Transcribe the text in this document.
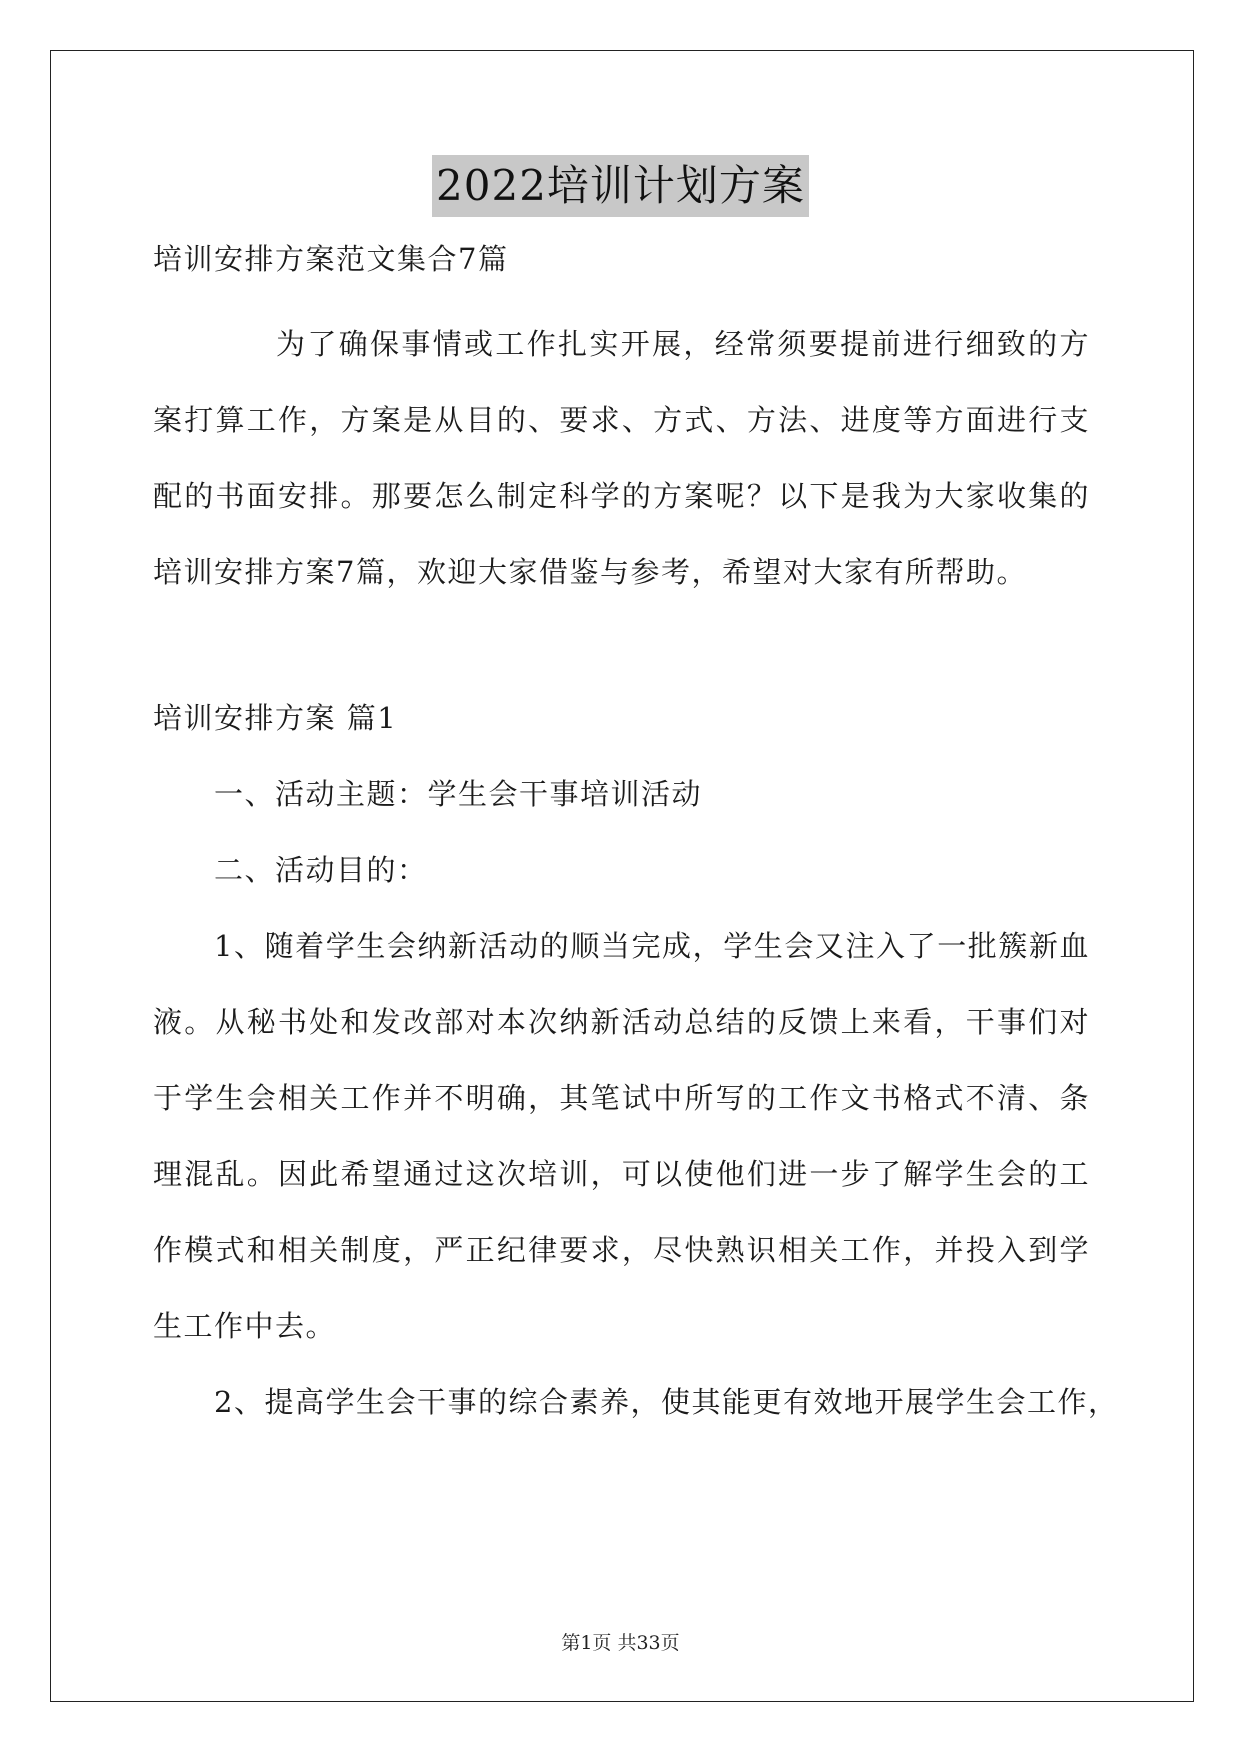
2022培训计划方案
培训安排方案范文集合7篇
为了确保事情或工作扎实开展，经常须要提前进行细致的方
案打算工作，方案是从目的、要求、方式、方法、进度等方面进行支
配的书面安排。那要怎么制定科学的方案呢？以下是我为大家收集的
培训安排方案7篇，欢迎大家借鉴与参考，希望对大家有所帮助。
培训安排方案 篇1
一、活动主题：学生会干事培训活动
二、活动目的：
1、随着学生会纳新活动的顺当完成，学生会又注入了一批簇新血
液。从秘书处和发改部对本次纳新活动总结的反馈上来看，干事们对
于学生会相关工作并不明确，其笔试中所写的工作文书格式不清、条
理混乱。因此希望通过这次培训，可以使他们进一步了解学生会的工
作模式和相关制度，严正纪律要求，尽快熟识相关工作，并投入到学
生工作中去。
2、提高学生会干事的综合素养，使其能更有效地开展学生会工作，
第1页 共33页
